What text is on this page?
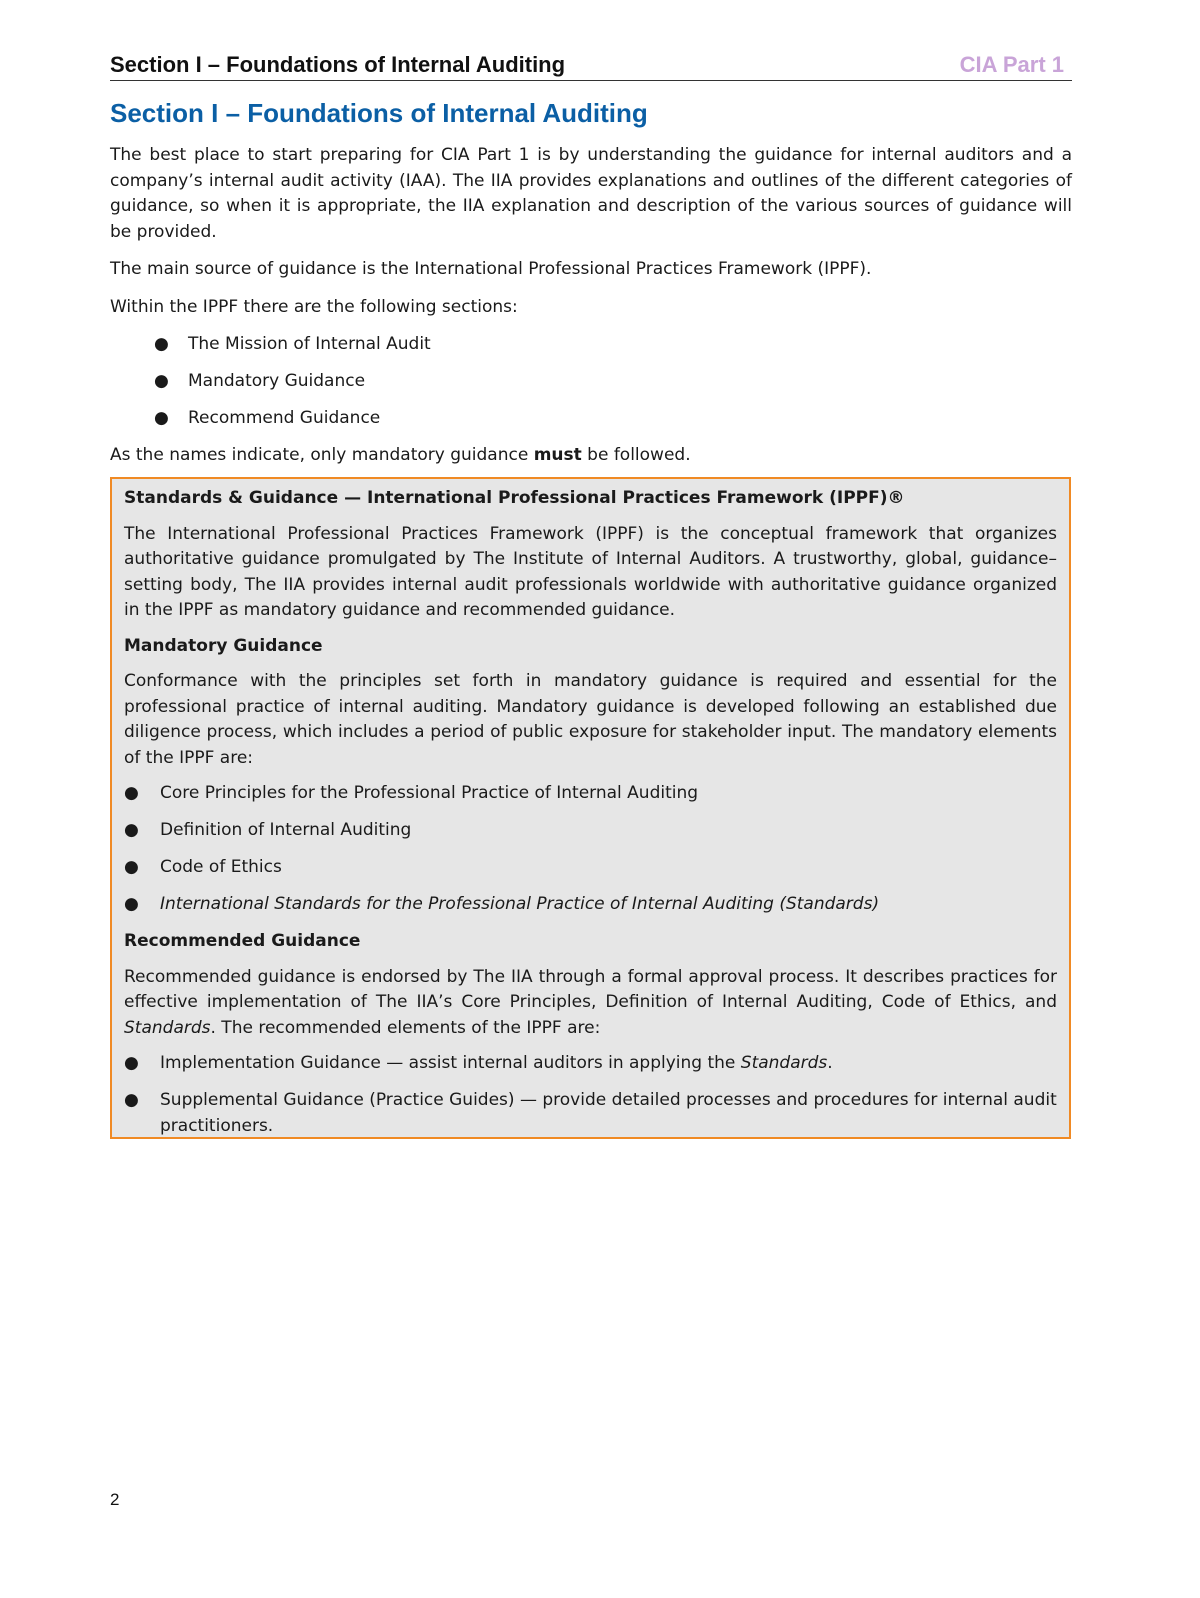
Section I – Foundations of Internal Auditing	CIA Part 1
Section I – Foundations of Internal Auditing

The best place to start preparing for CIA Part 1 is by understanding the guidance for internal auditors and a company’s internal audit activity (IAA). The IIA provides explanations and outlines of the different categories of guidance, so when it is appropriate, the IIA explanation and description of the various sources of guidance will be provided.

The main source of guidance is the International Professional Practices Framework (IPPF).

Within the IPPF there are the following sections:

● The Mission of Internal Audit
● Mandatory Guidance
● Recommend Guidance

As the names indicate, only mandatory guidance must be followed.

Standards & Guidance — International Professional Practices Framework (IPPF)®

The International Professional Practices Framework (IPPF) is the conceptual framework that organizes authoritative guidance promulgated by The Institute of Internal Auditors. A trustworthy, global, guidance–setting body, The IIA provides internal audit professionals worldwide with authoritative guidance organized in the IPPF as mandatory guidance and recommended guidance.

Mandatory Guidance

Conformance with the principles set forth in mandatory guidance is required and essential for the professional practice of internal auditing. Mandatory guidance is developed following an established due diligence process, which includes a period of public exposure for stakeholder input. The mandatory elements of the IPPF are:

● Core Principles for the Professional Practice of Internal Auditing
● Definition of Internal Auditing
● Code of Ethics
● International Standards for the Professional Practice of Internal Auditing (Standards)

Recommended Guidance

Recommended guidance is endorsed by The IIA through a formal approval process. It describes practices for effective implementation of The IIA’s Core Principles, Definition of Internal Auditing, Code of Ethics, and Standards. The recommended elements of the IPPF are:

● Implementation Guidance — assist internal auditors in applying the Standards.
● Supplemental Guidance (Practice Guides) — provide detailed processes and procedures for internal audit practitioners.
2
